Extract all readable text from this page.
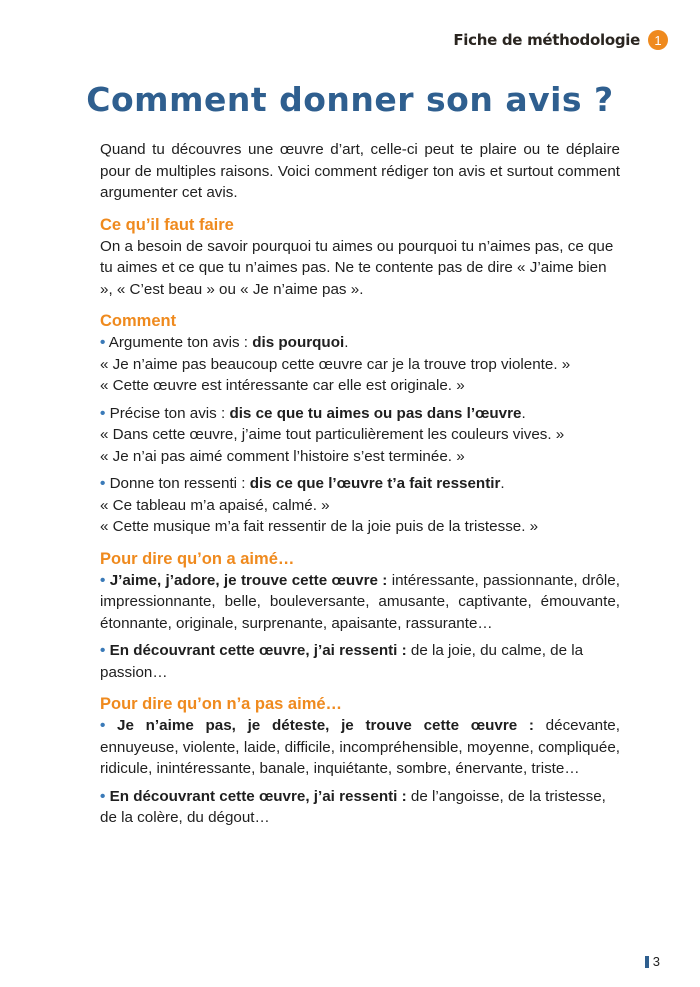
Fiche de méthodologie	1
Comment donner son avis ?

Quand tu découvres une œuvre d’art, celle-ci peut te plaire ou te déplaire pour de multiples raisons. Voici comment rédiger ton avis et surtout comment argumenter cet avis.

Ce qu’il faut faire

On a besoin de savoir pourquoi tu aimes ou pourquoi tu n’aimes pas, ce que tu aimes et ce que tu n’aimes pas. Ne te contente pas de dire « J’aime bien », « C’est beau » ou « Je n’aime pas ».

Comment

• Argumente ton avis : dis pourquoi.

« Je n’aime pas beaucoup cette œuvre car je la trouve trop violente. »

« Cette œuvre est intéressante car elle est originale. »

• Précise ton avis : dis ce que tu aimes ou pas dans l’œuvre.

« Dans cette œuvre, j’aime tout particulièrement les couleurs vives. »

« Je n’ai pas aimé comment l’histoire s’est terminée. »

• Donne ton ressenti : dis ce que l’œuvre t’a fait ressentir.

« Ce tableau m’a apaisé, calmé. »

« Cette musique m’a fait ressentir de la joie puis de la tristesse. »

Pour dire qu’on a aimé…

• J’aime, j’adore, je trouve cette œuvre : intéressante, passionnante, drôle, impressionnante, belle, bouleversante, amusante, captivante, émouvante, étonnante, originale, surprenante, apaisante, rassurante…

• En découvrant cette œuvre, j’ai ressenti : de la joie, du calme, de la passion…

Pour dire qu’on n’a pas aimé…

• Je n’aime pas, je déteste, je trouve cette œuvre : décevante, ennuyeuse, violente, laide, difficile, incompréhensible, moyenne, compliquée, ridicule, inintéressante, banale, inquiétante, sombre, énervante, triste…

• En découvrant cette œuvre, j’ai ressenti : de l’angoisse, de la tristesse, de la colère, du dégout…

3
